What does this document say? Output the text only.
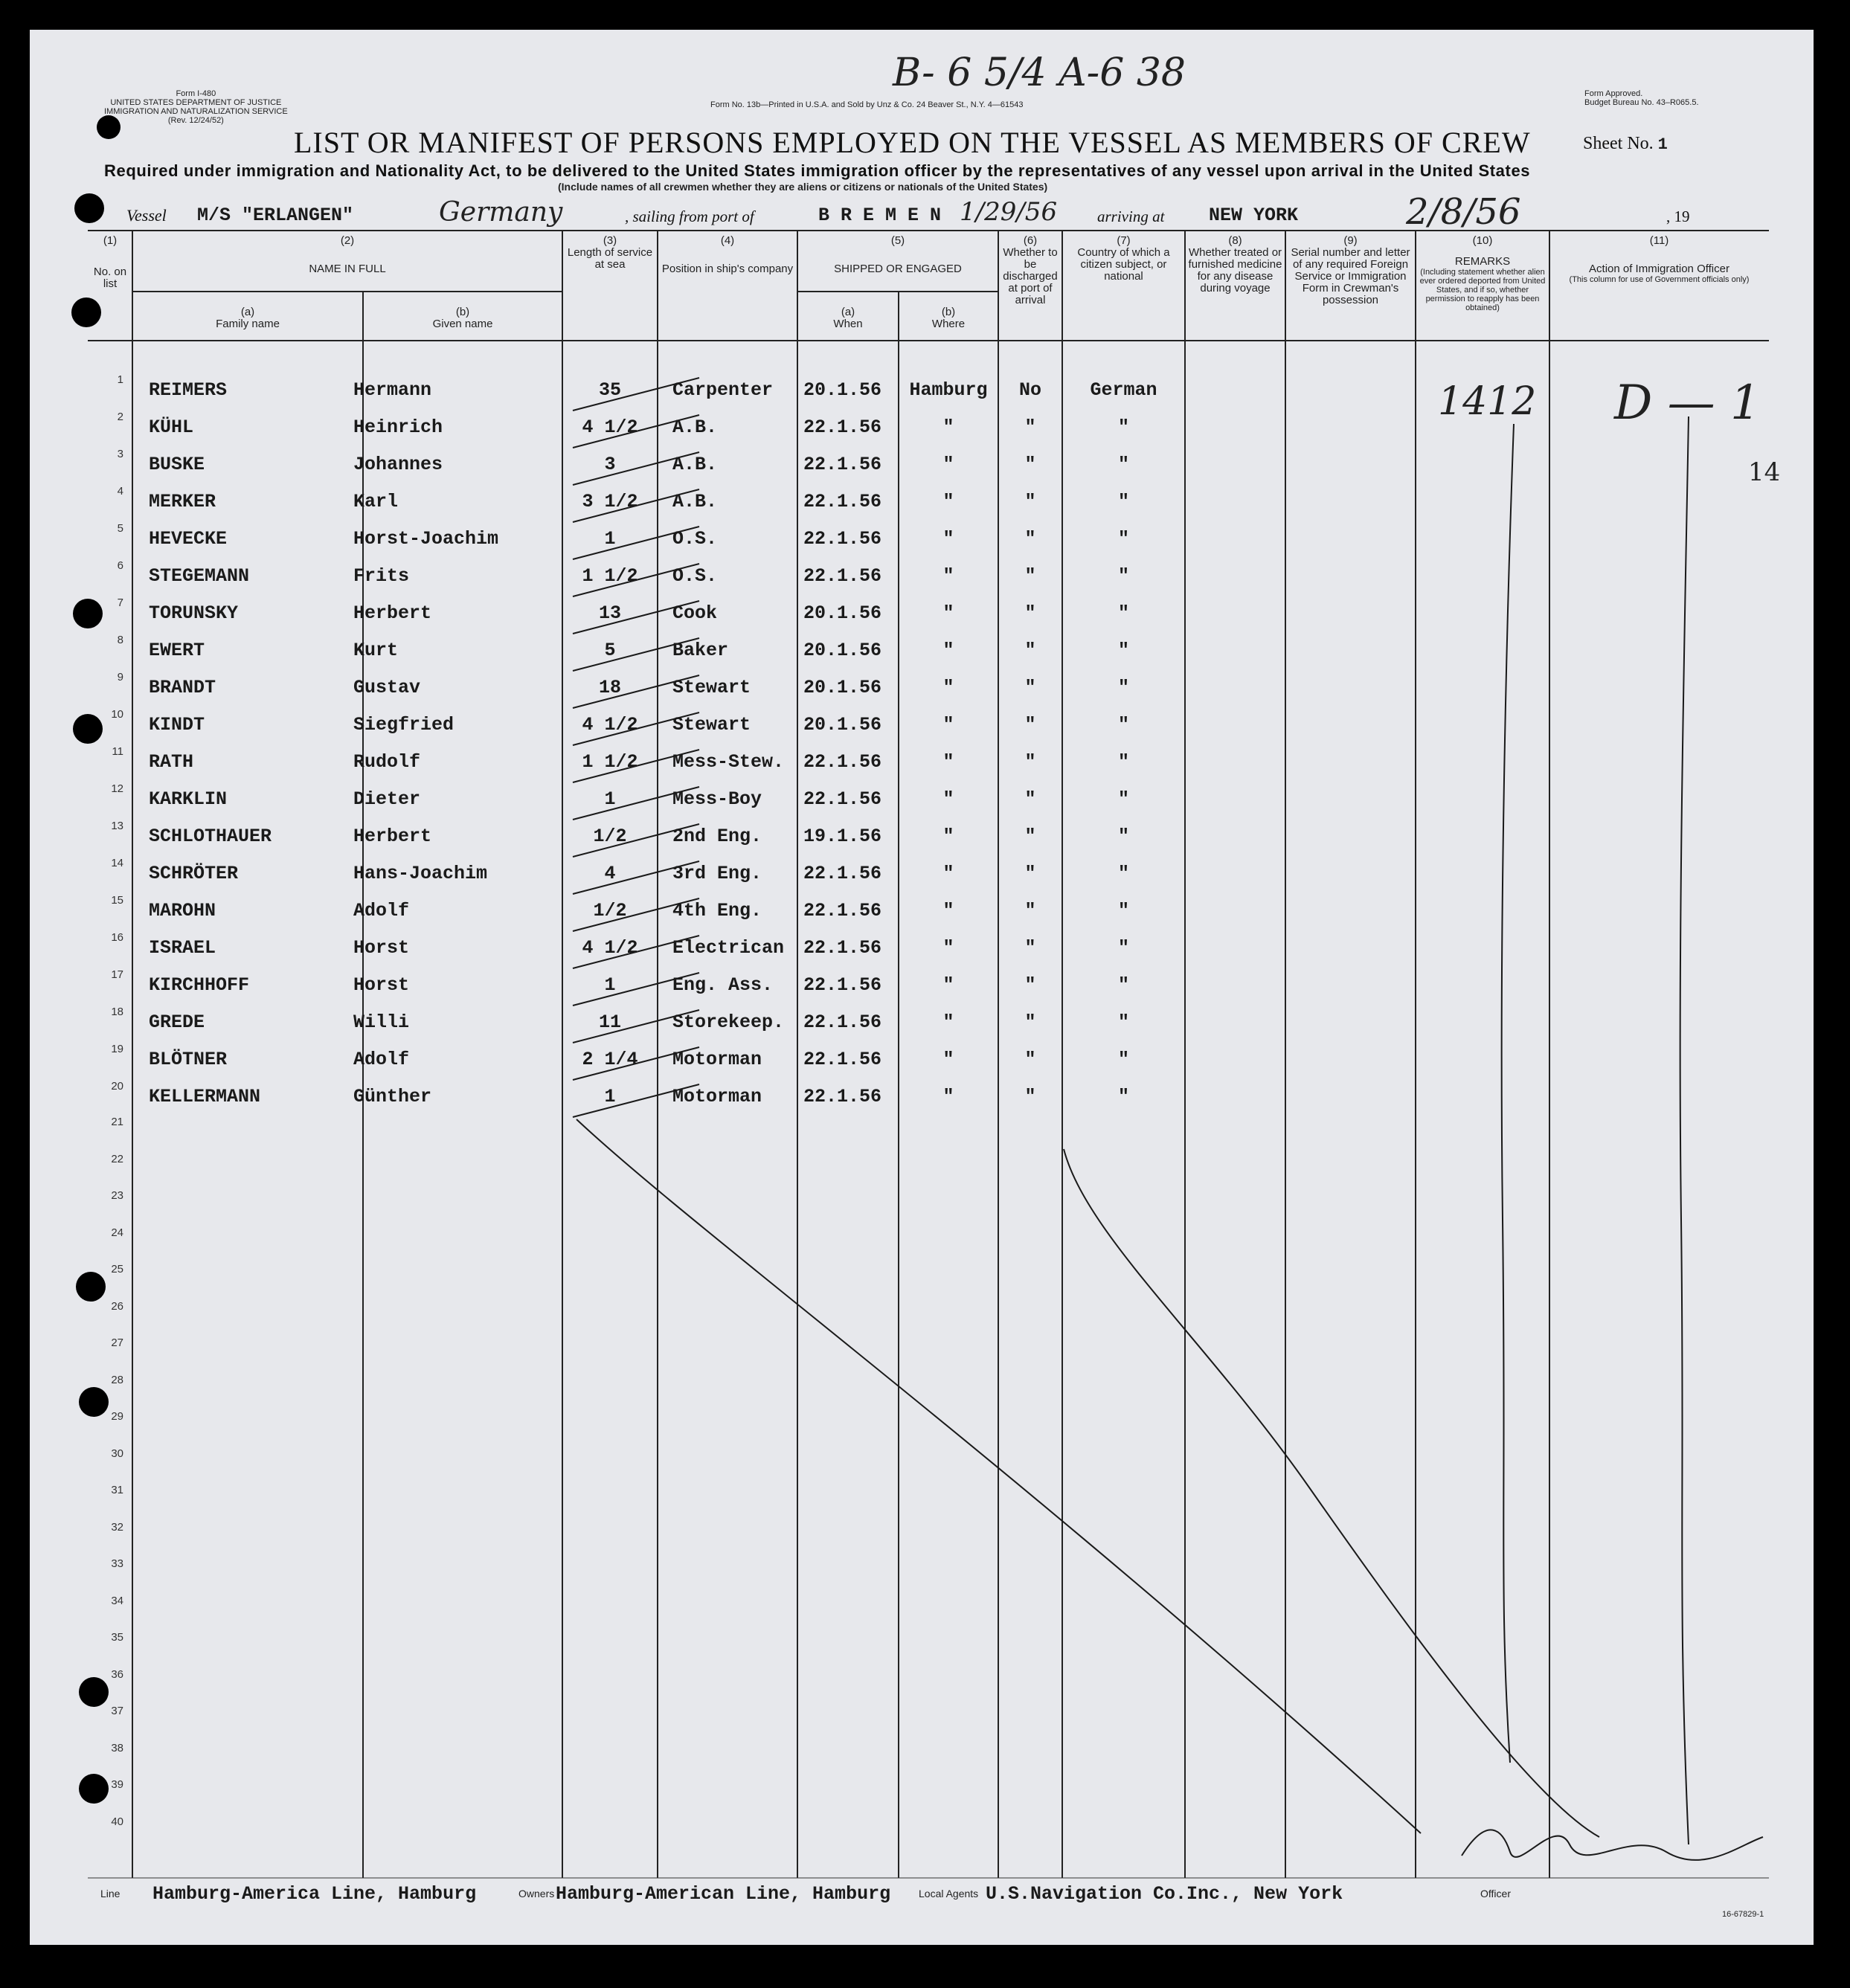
Form I-480
UNITED STATES DEPARTMENT OF JUSTICE
IMMIGRATION AND NATURALIZATION SERVICE
(Rev. 12/24/52)
Form No. 13b—Printed in U.S.A. and Sold by Unz & Co. 24 Beaver St., N.Y. 4—61543
Form Approved.
Budget Bureau No. 43–R065.5.
B- 6 5/4 A-6 38
LIST OR MANIFEST OF PERSONS EMPLOYED ON THE VESSEL AS MEMBERS OF CREW	Sheet No. 1
Required under immigration and Nationality Act, to be delivered to the United States immigration officer by the representatives of any vessel upon arrival in the United States
(Include names of all crewmen whether they are aliens or citizens or nationals of the United States)
Vessel M/S "ERLANGEN"	Germany	, sailing from port of	B R E M E N 1/29/56	arriving at NEW YORK	2/8/56	, 19
(1)
No. on list
(2)
NAME IN FULL
(a)
Family name
(b)
Given name
(3)
Length of service at sea
(4)
Position in ship's company
(5)
SHIPPED OR ENGAGED
(a)
When
(b)
Where
(6)
Whether to be discharged at port of arrival
(7)
Country of which a citizen subject, or national
(8)
Whether treated or furnished medicine for any disease during voyage
(9)
Serial number and letter of any required Foreign Service or Immigration Form in Crewman's possession
(10)
REMARKS
(Including statement whether alien ever ordered deported from United States, and if so, whether permission to reapply has been obtained)
(11)
Action of Immigration Officer
(This column for use of Government officials only)
1 REIMERS	Hermann	35	Carpenter 20.1.56	Hamburg	No	German
2 KÜHL	Heinrich	4 1/2	A.B.	22.1.56	"	"	"
3 BUSKE	Johannes	3	A.B.	22.1.56	"	"	"
4 MERKER	Karl	3 1/2	A.B.	22.1.56	"	"	"
5 HEVECKE	Horst-Joachim	1	O.S.	22.1.56	"	"	"
6 STEGEMANN	Frits	1 1/2	O.S.	22.1.56	"	"	"
7 TORUNSKY	Herbert	13	Cook	20.1.56	"	"	"
8 EWERT	Kurt	5	Baker	20.1.56	"	"	"
9 BRANDT	Gustav	18	Stewart	20.1.56	"	"	"
10 KINDT	Siegfried	4 1/2	Stewart	20.1.56	"	"	"
11 RATH	Rudolf	1 1/2	Mess-Stew. 22.1.56	"	"	"
12 KARKLIN	Dieter	1	Mess-Boy 22.1.56	"	"	"
13 SCHLOTHAUER	Herbert	1/2	2nd Eng. 19.1.56	"	"	"
14 SCHRÖTER	Hans-Joachim	4	3rd Eng. 22.1.56	"	"	"
15 MAROHN	Adolf	1/2	4th Eng. 22.1.56	"	"	"
16 ISRAEL	Horst	4 1/2	Electrican 22.1.56	"	"	"
17 KIRCHHOFF	Horst	1	Eng. Ass. 22.1.56	"	"	"
18 GREDE	Willi	11	Storekeep. 22.1.56	"	"	"
19 BLÖTNER	Adolf	2 1/4	Motorman 22.1.56	"	"	"
20 KELLERMANN	Günther	1	Motorman 22.1.56	"	"	"
21
22
23
24
25
26
27
28
29
30
31
32
33
34
35
36
37
38
39
40
1412 D — 1
14
Line Hamburg-America Line, Hamburg	Owners Hamburg-American Line, Hamburg	Local Agents U.S.Navigation Co.Inc., New York	Officer
16-67829-1
